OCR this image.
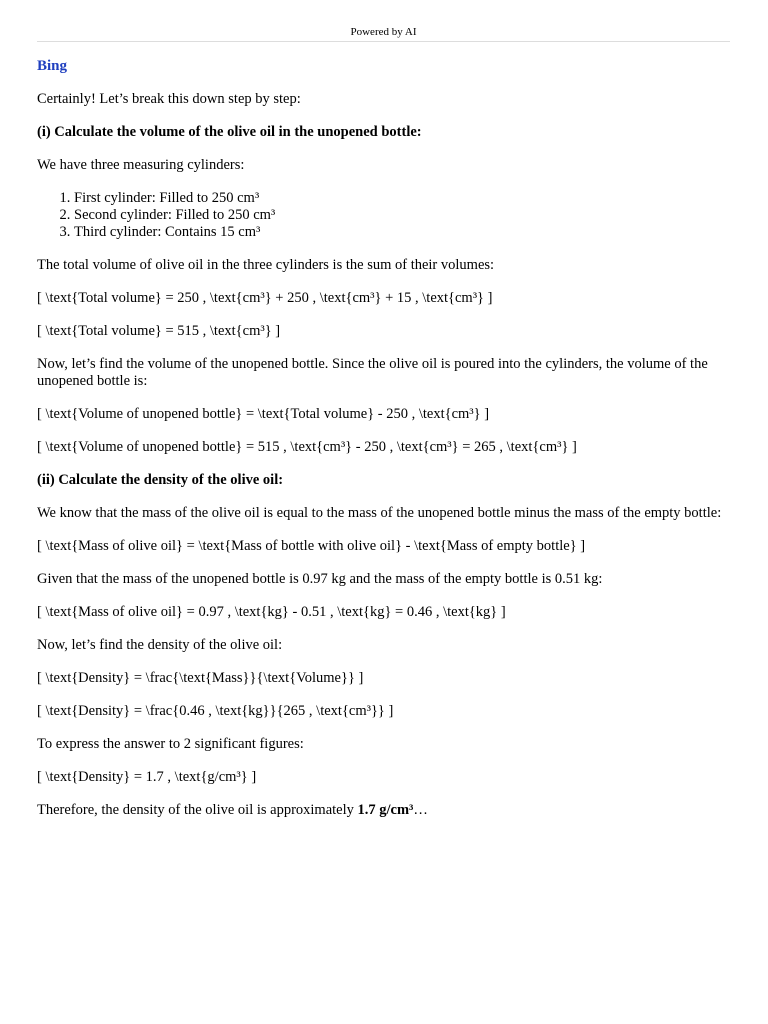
Powered by AI
Bing

Certainly! Let’s break this down step by step:

(i) Calculate the volume of the olive oil in the unopened bottle:

We have three measuring cylinders:

1. First cylinder: Filled to 250 cm³
2. Second cylinder: Filled to 250 cm³
3. Third cylinder: Contains 15 cm³

The total volume of olive oil in the three cylinders is the sum of their volumes:

[ \text{Total volume} = 250 , \text{cm³} + 250 , \text{cm³} + 15 , \text{cm³} ]

[ \text{Total volume} = 515 , \text{cm³} ]

Now, let’s find the volume of the unopened bottle. Since the olive oil is poured into the cylinders, the volume of the unopened bottle is:

[ \text{Volume of unopened bottle} = \text{Total volume} - 250 , \text{cm³} ]

[ \text{Volume of unopened bottle} = 515 , \text{cm³} - 250 , \text{cm³} = 265 , \text{cm³} ]

(ii) Calculate the density of the olive oil:

We know that the mass of the olive oil is equal to the mass of the unopened bottle minus the mass of the empty bottle:

[ \text{Mass of olive oil} = \text{Mass of bottle with olive oil} - \text{Mass of empty bottle} ]

Given that the mass of the unopened bottle is 0.97 kg and the mass of the empty bottle is 0.51 kg:

[ \text{Mass of olive oil} = 0.97 , \text{kg} - 0.51 , \text{kg} = 0.46 , \text{kg} ]

Now, let’s find the density of the olive oil:

[ \text{Density} = \frac{\text{Mass}}{\text{Volume}} ]

[ \text{Density} = \frac{0.46 , \text{kg}}{265 , \text{cm³}} ]

To express the answer to 2 significant figures:

[ \text{Density} = 1.7 , \text{g/cm³} ]

Therefore, the density of the olive oil is approximately 1.7 g/cm³…
